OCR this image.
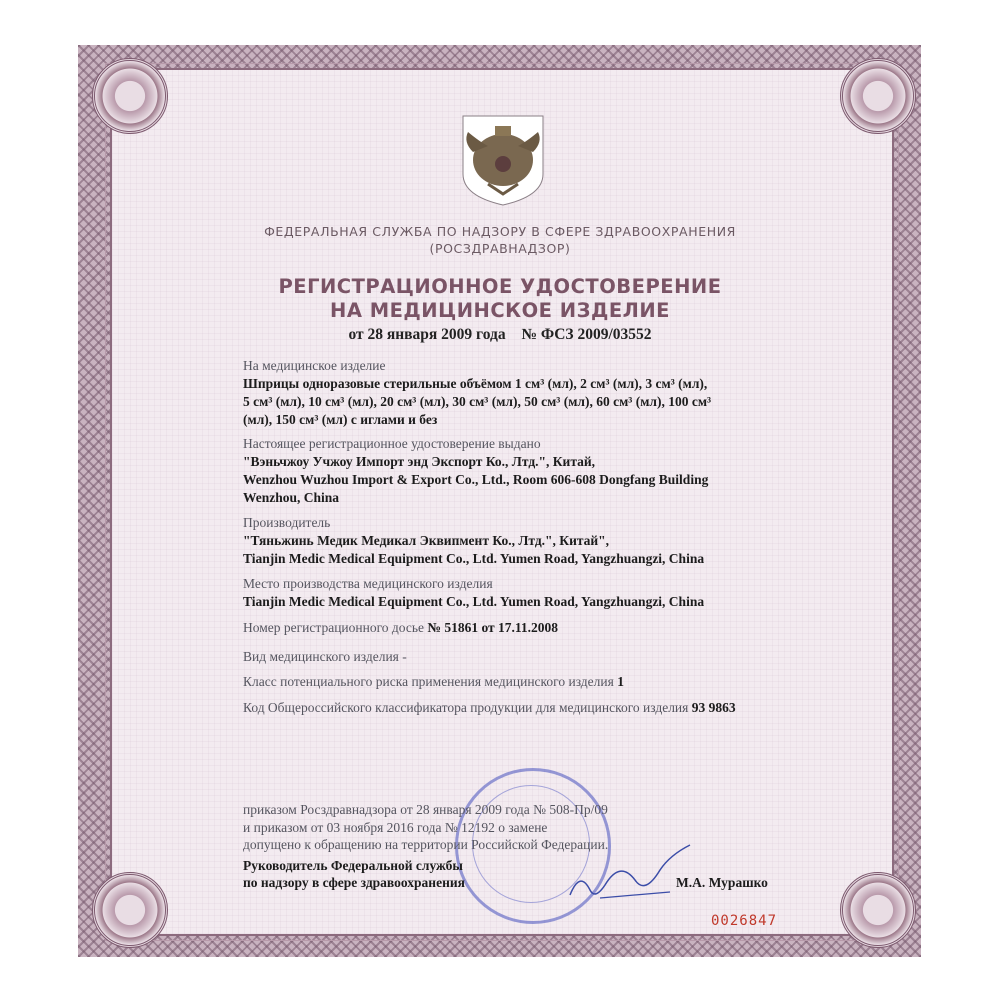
ФЕДЕРАЛЬНАЯ СЛУЖБА ПО НАДЗОРУ В СФЕРЕ ЗДРАВООХРАНЕНИЯ
(РОСЗДРАВНАДЗОР)
РЕГИСТРАЦИОННОЕ УДОСТОВЕРЕНИЕ
НА МЕДИЦИНСКОЕ ИЗДЕЛИЕ
от 28 января 2009 года № ФСЗ 2009/03552
На медицинское изделие
Шприцы одноразовые стерильные объёмом 1 см³ (мл), 2 см³ (мл), 3 см³ (мл),
5 см³ (мл), 10 см³ (мл), 20 см³ (мл), 30 см³ (мл), 50 см³ (мл), 60 см³ (мл), 100 см³
(мл), 150 см³ (мл) с иглами и без
Настоящее регистрационное удостоверение выдано
"Вэньчжоу Учжоу Импорт энд Экспорт Ко., Лтд.", Китай,
Wenzhou Wuzhou Import & Export Co., Ltd., Room 606-608 Dongfang Building
Wenzhou, China
Производитель
"Тяньжинь Медик Медикал Эквипмент Ко., Лтд.", Китай",
Tianjin Medic Medical Equipment Co., Ltd. Yumen Road, Yangzhuangzi, China
Место производства медицинского изделия
Tianjin Medic Medical Equipment Co., Ltd. Yumen Road, Yangzhuangzi, China
Номер регистрационного досье № 51861 от 17.11.2008
Вид медицинского изделия -
Класс потенциального риска применения медицинского изделия 1
Код Общероссийского классификатора продукции для медицинского изделия 93 9863
приказом Росздравнадзора от 28 января 2009 года № 508-Пр/09
и приказом от 03 ноября 2016 года № 12192 о замене
допущено к обращению на территории Российской Федерации.
Руководитель Федеральной службы
по надзору в сфере здравоохранения	М.А. Мурашко
0026847
